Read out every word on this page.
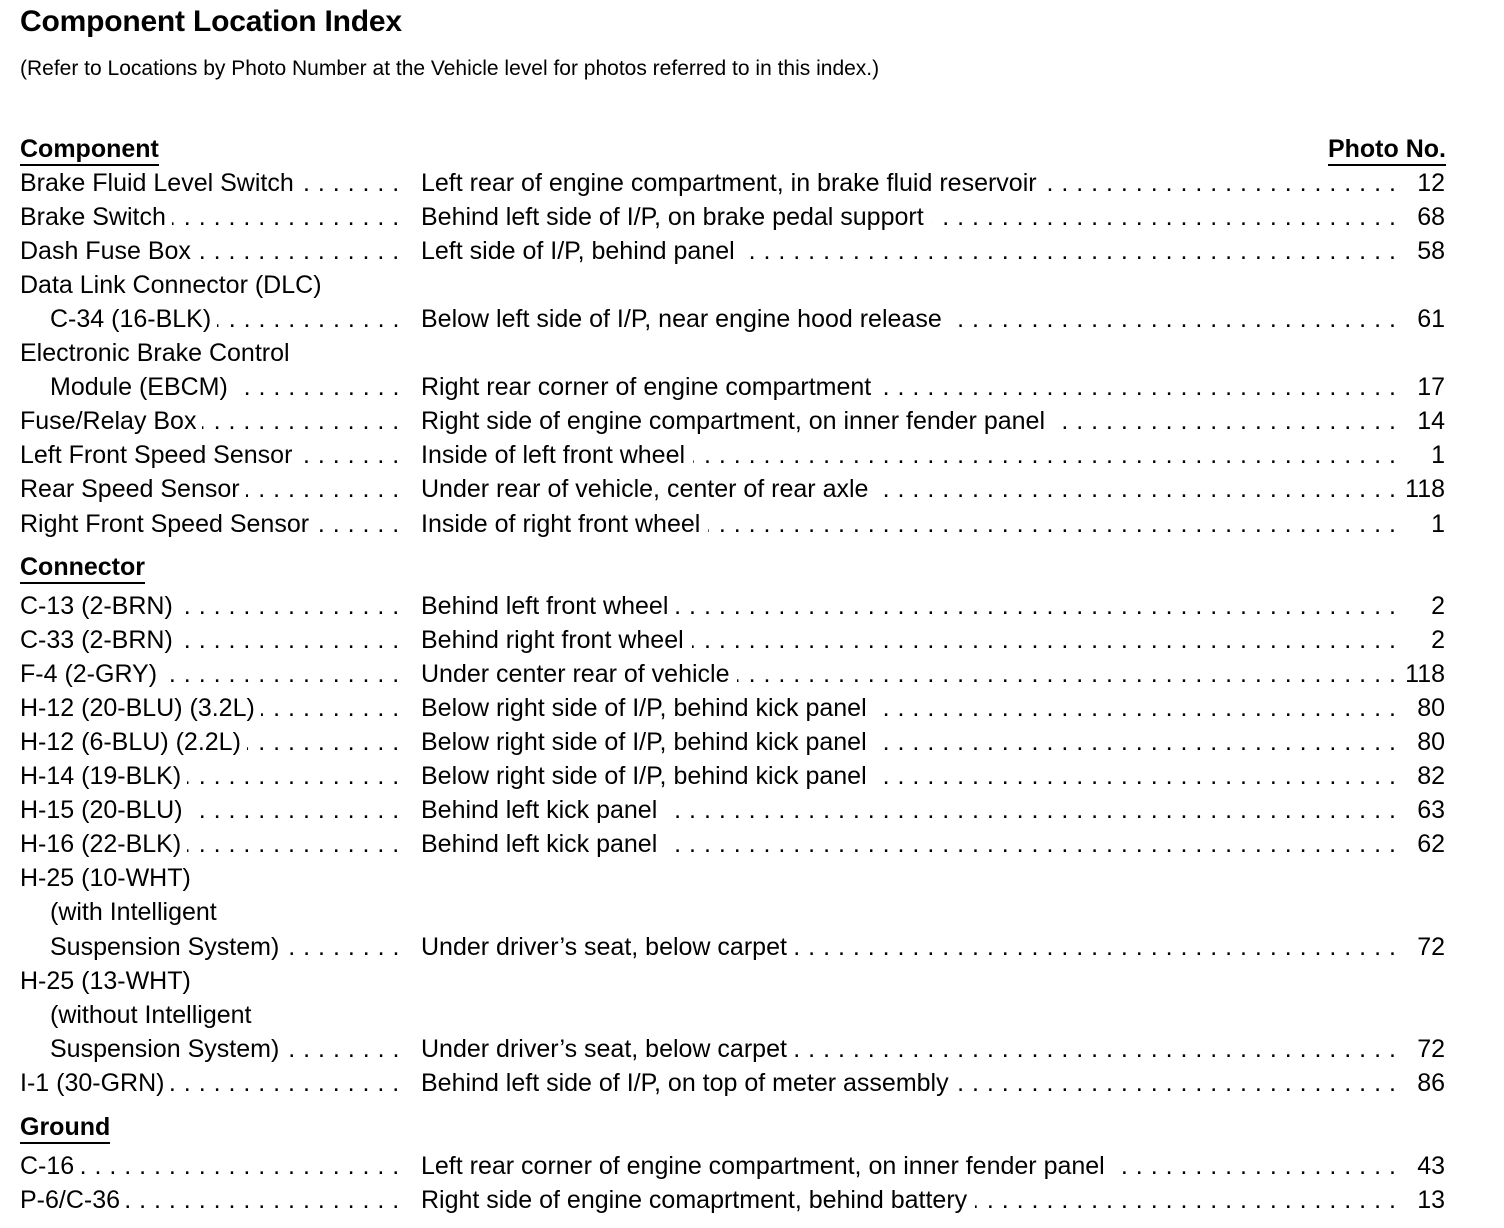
Component Location Index
(Refer to Locations by Photo Number at the Vehicle level for photos referred to in this index.)
Component	Photo No.
Brake Fluid Level Switch . . .	Left rear of engine compartment, in brake fluid reservoir . . .	12
Brake Switch . . .	Behind left side of I/P, on brake pedal support . . .	68
Dash Fuse Box . . .	Left side of I/P, behind panel . . .	58
Data Link Connector (DLC)
C-34 (16-BLK) . . .	Below left side of I/P, near engine hood release . . .	61
Electronic Brake Control
Module (EBCM) . . .	Right rear corner of engine compartment . . .	17
Fuse/Relay Box . . .	Right side of engine compartment, on inner fender panel . . .	14
Left Front Speed Sensor . . .	Inside of left front wheel . . .	1
Rear Speed Sensor . . .	Under rear of vehicle, center of rear axle . . .	118
Right Front Speed Sensor . . .	Inside of right front wheel . . .	1
Connector
C-13 (2-BRN) . . .	Behind left front wheel . . .	2
C-33 (2-BRN) . . .	Behind right front wheel . . .	2
F-4 (2-GRY) . . .	Under center rear of vehicle . . .	118
H-12 (20-BLU) (3.2L) . . .	Below right side of I/P, behind kick panel . . .	80
H-12 (6-BLU) (2.2L) . . .	Below right side of I/P, behind kick panel . . .	80
H-14 (19-BLK) . . .	Below right side of I/P, behind kick panel . . .	82
H-15 (20-BLU) . . .	Behind left kick panel . . .	63
H-16 (22-BLK) . . .	Behind left kick panel . . .	62
H-25 (10-WHT)
(with Intelligent
Suspension System) . . .	Under driver’s seat, below carpet . . .	72
H-25 (13-WHT)
(without Intelligent
Suspension System) . . .	Under driver’s seat, below carpet . . .	72
I-1 (30-GRN) . . .	Behind left side of I/P, on top of meter assembly . . .	86
Ground
C-16 . . .	Left rear corner of engine compartment, on inner fender panel . . .	43
P-6/C-36 . . .	Right side of engine comaprtment, behind battery . . .	13
